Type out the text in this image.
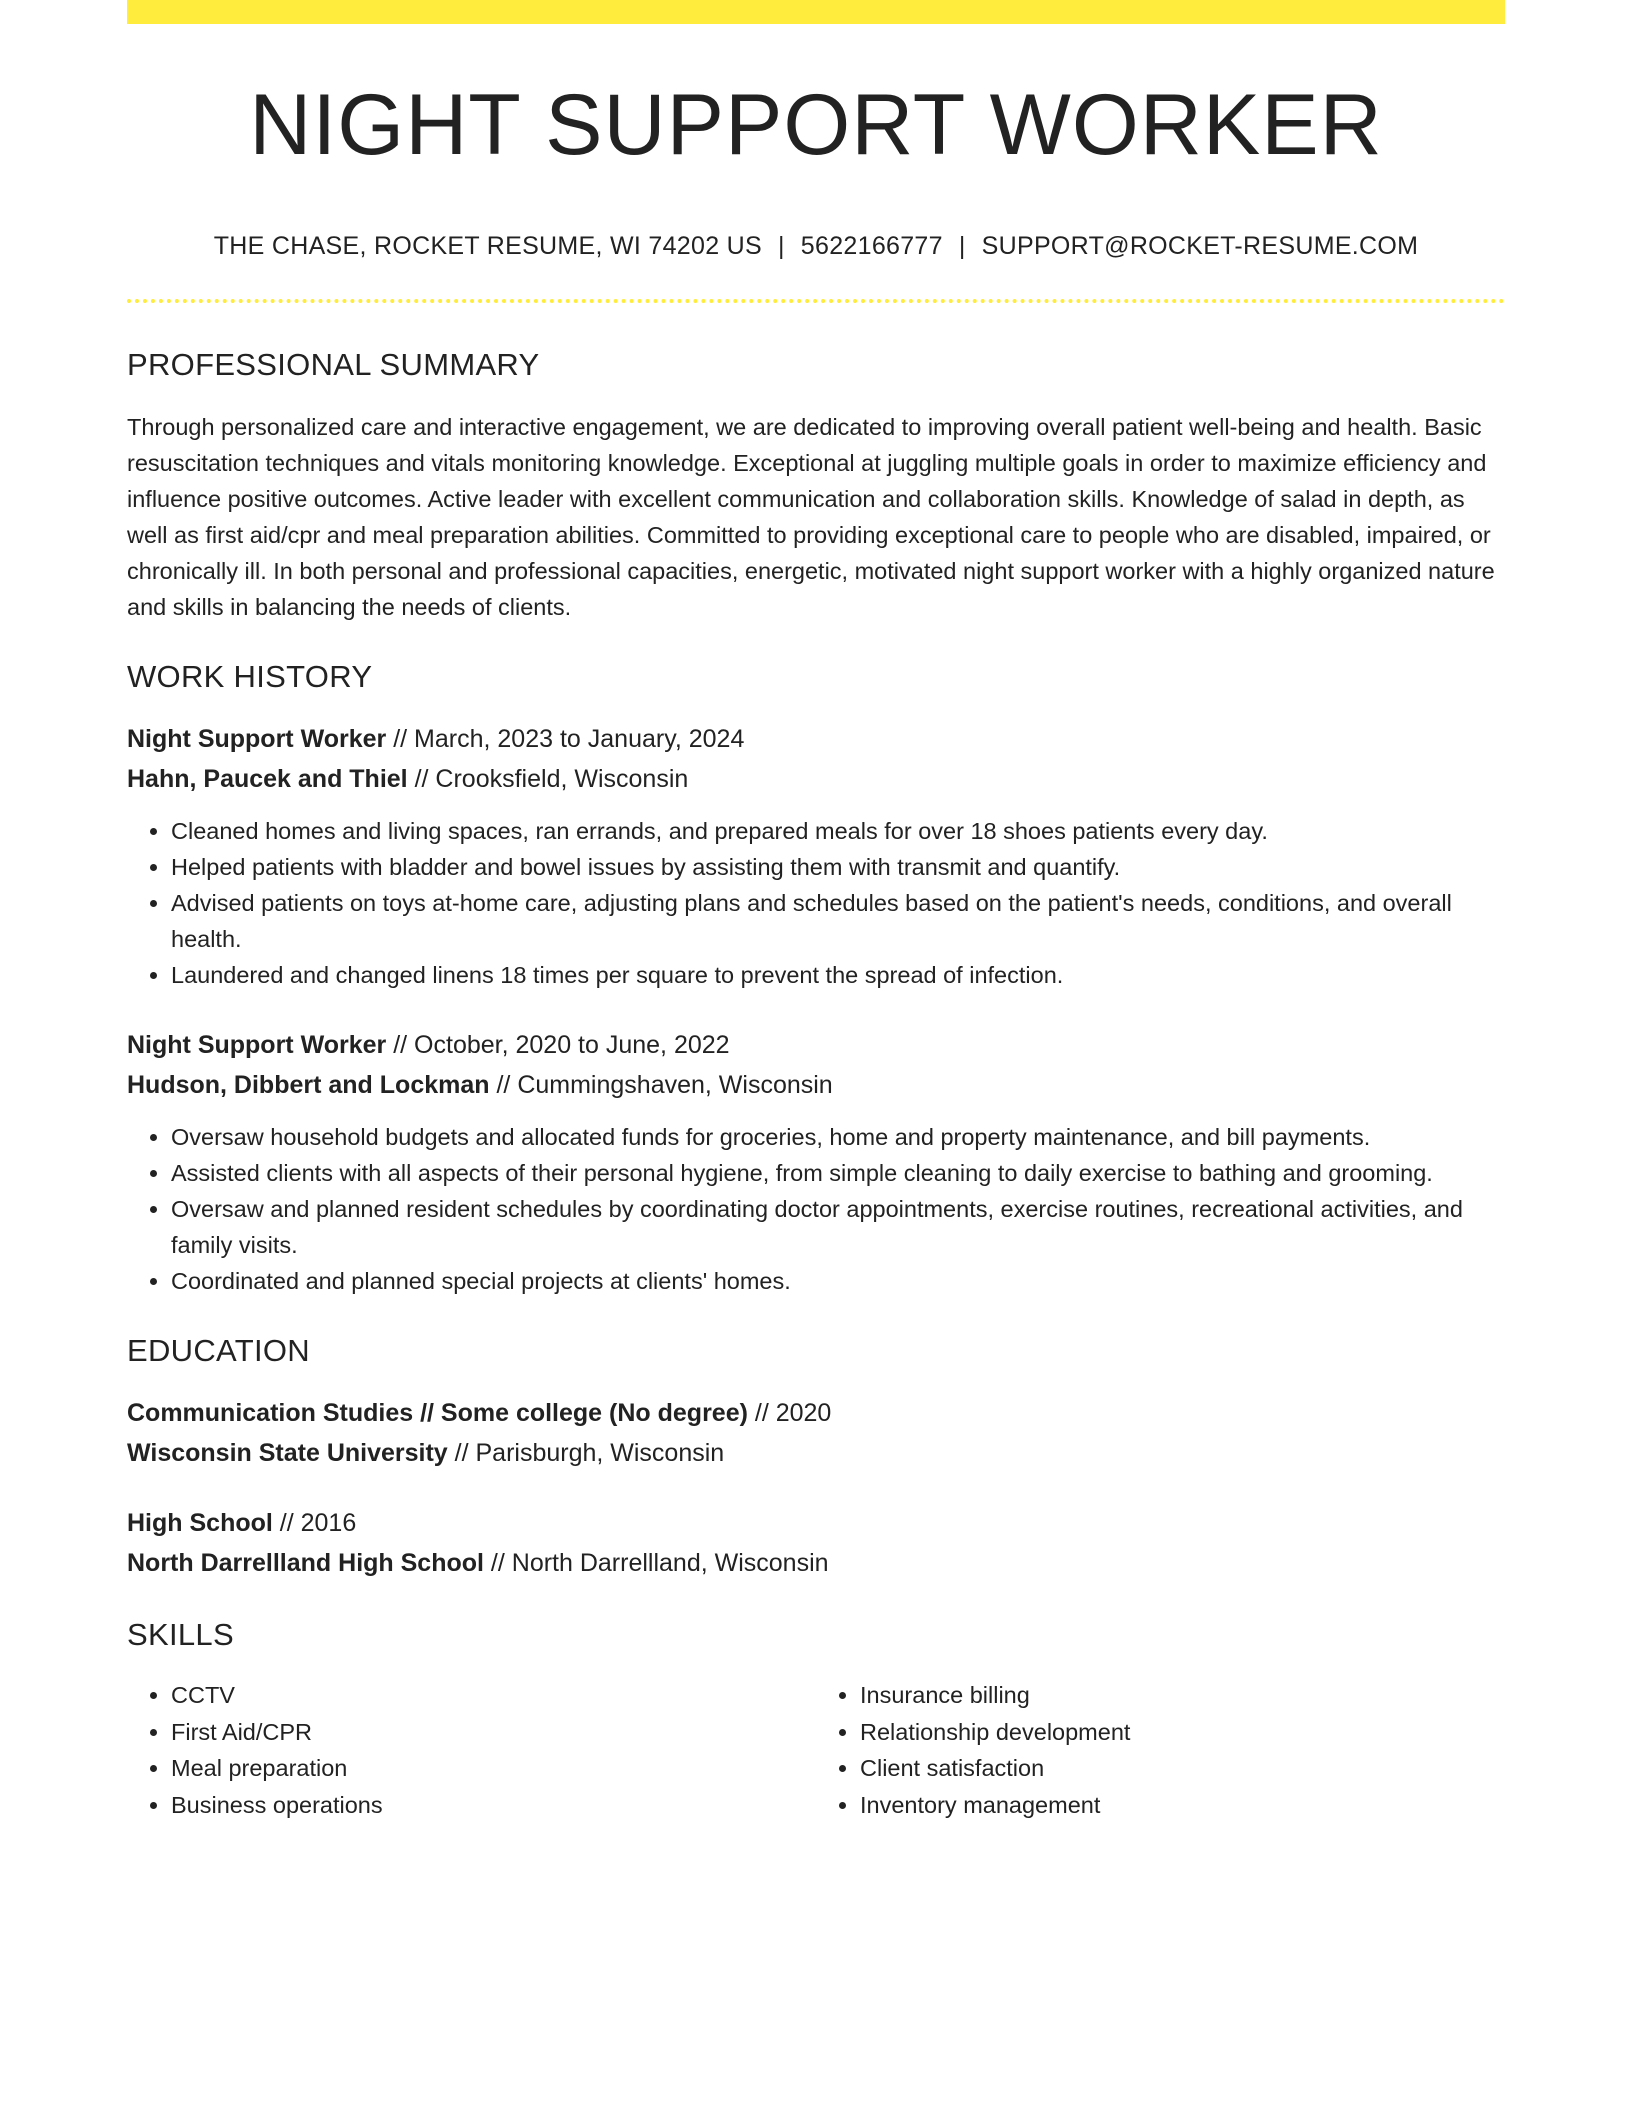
NIGHT SUPPORT WORKER
THE CHASE, ROCKET RESUME, WI 74202 US | 5622166777 | SUPPORT@ROCKET-RESUME.COM
PROFESSIONAL SUMMARY

Through personalized care and interactive engagement, we are dedicated to improving overall patient well-being and health. Basic resuscitation techniques and vitals monitoring knowledge. Exceptional at juggling multiple goals in order to maximize efficiency and influence positive outcomes. Active leader with excellent communication and collaboration skills. Knowledge of salad in depth, as well as first aid/cpr and meal preparation abilities. Committed to providing exceptional care to people who are disabled, impaired, or chronically ill. In both personal and professional capacities, energetic, motivated night support worker with a highly organized nature and skills in balancing the needs of clients.

WORK HISTORY
Night Support Worker // March, 2023 to January, 2024
Hahn, Paucek and Thiel // Crooksfield, Wisconsin
• Cleaned homes and living spaces, ran errands, and prepared meals for over 18 shoes patients every day.
• Helped patients with bladder and bowel issues by assisting them with transmit and quantify.
• Advised patients on toys at-home care, adjusting plans and schedules based on the patient's needs, conditions, and overall health.
• Laundered and changed linens 18 times per square to prevent the spread of infection.
Night Support Worker // October, 2020 to June, 2022
Hudson, Dibbert and Lockman // Cummingshaven, Wisconsin
• Oversaw household budgets and allocated funds for groceries, home and property maintenance, and bill payments.
• Assisted clients with all aspects of their personal hygiene, from simple cleaning to daily exercise to bathing and grooming.
• Oversaw and planned resident schedules by coordinating doctor appointments, exercise routines, recreational activities, and family visits.
• Coordinated and planned special projects at clients' homes.
EDUCATION
Communication Studies // Some college (No degree) // 2020
Wisconsin State University // Parisburgh, Wisconsin
High School // 2016
North Darrellland High School // North Darrellland, Wisconsin
SKILLS
• CCTV
• First Aid/CPR
• Meal preparation
• Business operations
• Insurance billing
• Relationship development
• Client satisfaction
• Inventory management
